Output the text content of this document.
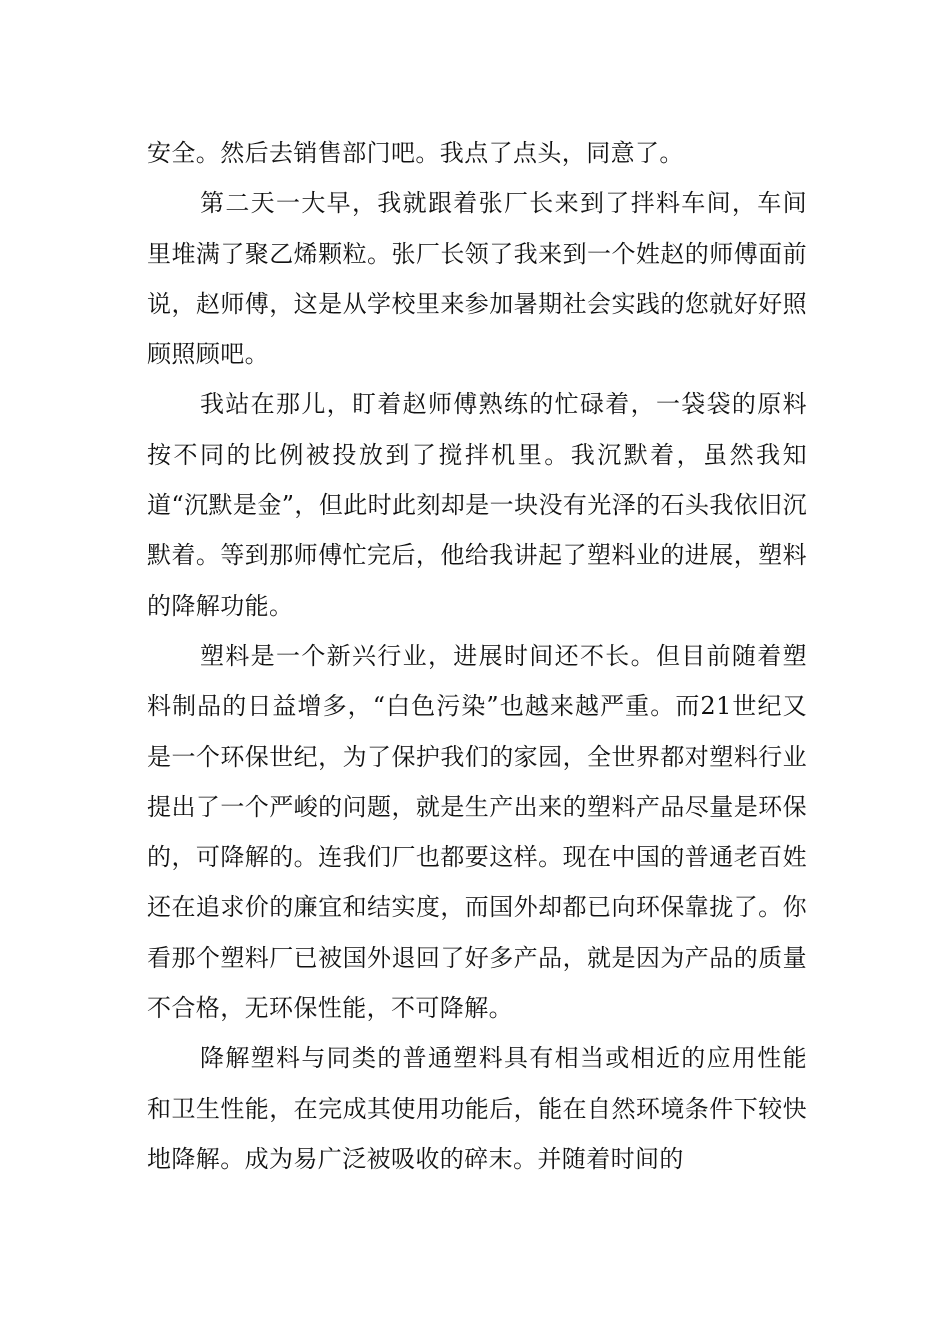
安全。然后去销售部门吧。我点了点头，同意了。

第二天一大早，我就跟着张厂长来到了拌料车间，车间里堆满了聚乙烯颗粒。张厂长领了我来到一个姓赵的师傅面前说，赵师傅，这是从学校里来参加暑期社会实践的您就好好照顾照顾吧。

我站在那儿，盯着赵师傅熟练的忙碌着，一袋袋的原料按不同的比例被投放到了搅拌机里。我沉默着，虽然我知道“沉默是金”，但此时此刻却是一块没有光泽的石头我依旧沉默着。等到那师傅忙完后，他给我讲起了塑料业的进展，塑料的降解功能。

塑料是一个新兴行业，进展时间还不长。但目前随着塑料制品的日益增多，“白色污染”也越来越严重。而21世纪又是一个环保世纪，为了保护我们的家园，全世界都对塑料行业提出了一个严峻的问题，就是生产出来的塑料产品尽量是环保的，可降解的。连我们厂也都要这样。现在中国的普通老百姓还在追求价的廉宜和结实度，而国外却都已向环保靠拢了。你看那个塑料厂已被国外退回了好多产品，就是因为产品的质量不合格，无环保性能，不可降解。

降解塑料与同类的普通塑料具有相当或相近的应用性能和卫生性能，在完成其使用功能后，能在自然环境条件下较快地降解。成为易广泛被吸收的碎末。并随着时间的
